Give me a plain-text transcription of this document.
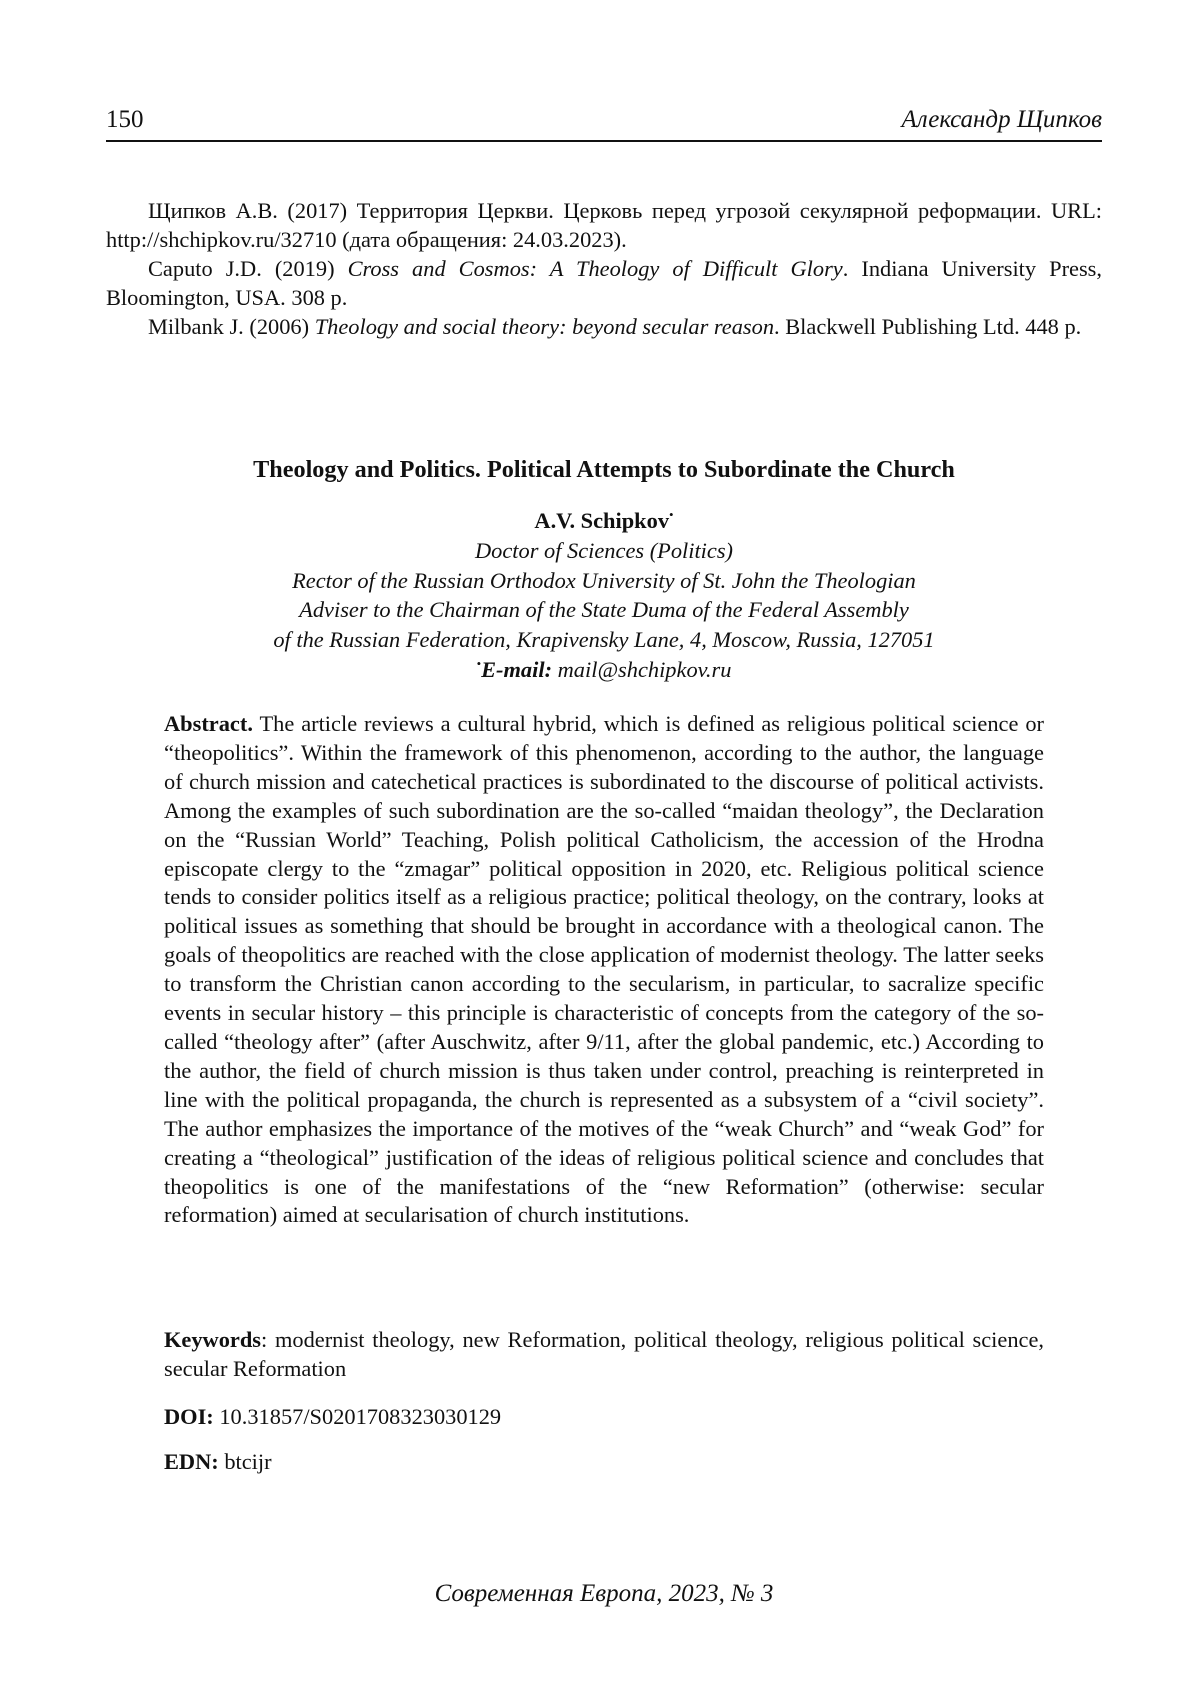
150	Александр Щипков

Щипков А.В. (2017) Территория Церкви. Церковь перед угрозой секулярной реформации. URL: http://shchipkov.ru/32710 (дата обращения: 24.03.2023).

Caputo J.D. (2019) Cross and Cosmos: A Theology of Difficult Glory. Indiana University Press, Bloomington, USA. 308 p.

Milbank J. (2006) Theology and social theory: beyond secular reason. Blackwell Publishing Ltd. 448 p.

Theology and Politics. Political Attempts to Subordinate the Church
A.V. Schipkov•
Doctor of Sciences (Politics)
Rector of the Russian Orthodox University of St. John the Theologian
Adviser to the Chairman of the State Duma of the Federal Assembly
of the Russian Federation, Krapivensky Lane, 4, Moscow, Russia, 127051
•E-mail: mail@shchipkov.ru

Abstract. The article reviews a cultural hybrid, which is defined as religious political science or “theopolitics”. Within the framework of this phenomenon, according to the author, the language of church mission and catechetical practices is subordinated to the discourse of political activists. Among the examples of such subordination are the so-called “maidan theology”, the Declaration on the “Russian World” Teaching, Polish political Catholicism, the accession of the Hrodna episcopate clergy to the “zmagar” political opposition in 2020, etc. Religious political science tends to consider politics itself as a religious practice; political theology, on the contrary, looks at political issues as something that should be brought in accordance with a theological canon. The goals of theopolitics are reached with the close application of modernist theology. The latter seeks to transform the Christian canon according to the secularism, in particular, to sacralize specific events in secular history – this principle is characteristic of concepts from the category of the so-called “theology after” (after Auschwitz, after 9/11, after the global pandemic, etc.) According to the author, the field of church mission is thus taken under control, preaching is reinterpreted in line with the political propaganda, the church is represented as a subsystem of a “civil society”. The author emphasizes the importance of the motives of the “weak Church” and “weak God” for creating a “theological” justification of the ideas of religious political science and concludes that theopolitics is one of the manifestations of the “new Reformation” (otherwise: secular reformation) aimed at secularisation of church institutions.

Keywords: modernist theology, new Reformation, political theology, religious political science, secular Reformation

DOI: 10.31857/S0201708323030129

EDN: btcijr

Современная Европа, 2023, № 3
